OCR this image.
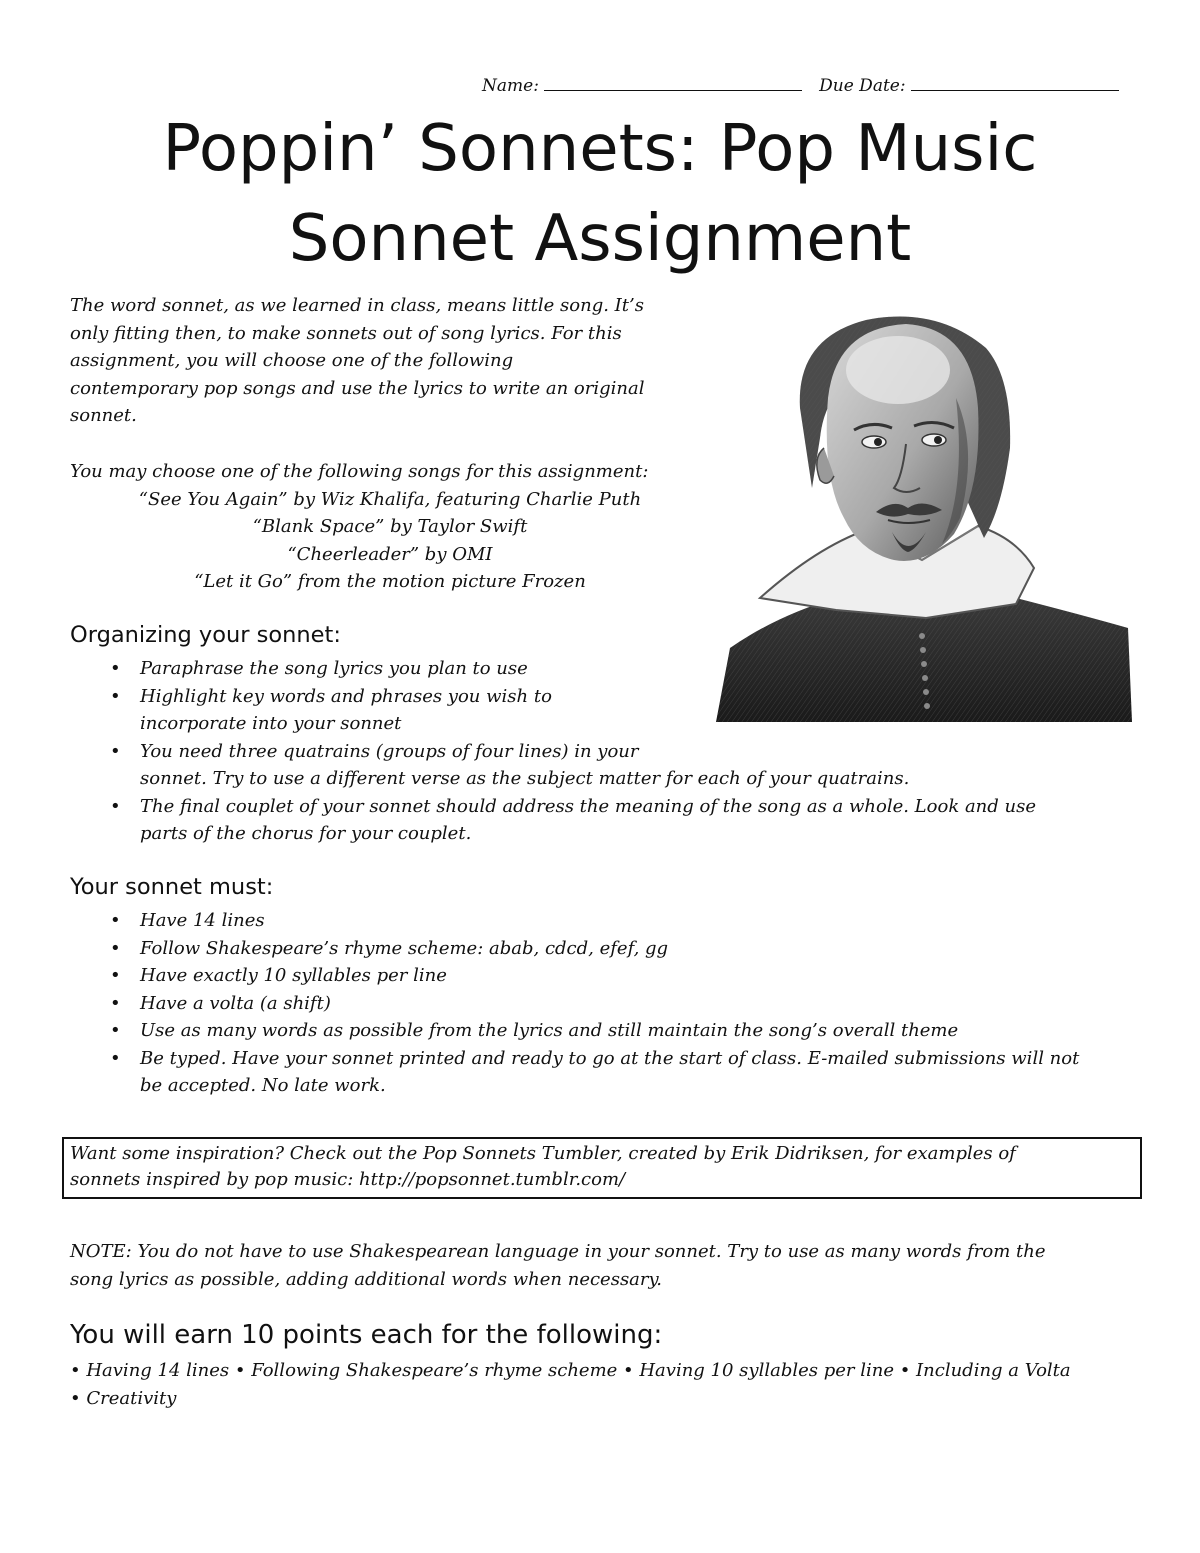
Name:	Due Date:
Poppin’ Sonnets: Pop Music
Sonnet Assignment

The word sonnet, as we learned in class, means little song. It’s
only fitting then, to make sonnets out of song lyrics. For this
assignment, you will choose one of the following
contemporary pop songs and use the lyrics to write an original
sonnet.

You may choose one of the following songs for this assignment:
“See You Again” by Wiz Khalifa, featuring Charlie Puth
“Blank Space” by Taylor Swift
“Cheerleader” by OMI
“Let it Go” from the motion picture Frozen
Organizing your sonnet:
• Paraphrase the song lyrics you plan to use
• Highlight key words and phrases you wish to
incorporate into your sonnet
• You need three quatrains (groups of four lines) in your
sonnet. Try to use a different verse as the subject matter for each of your quatrains.
• The final couplet of your sonnet should address the meaning of the song as a whole. Look and use
parts of the chorus for your couplet.
Your sonnet must:
• Have 14 lines
• Follow Shakespeare’s rhyme scheme: abab, cdcd, efef, gg
• Have exactly 10 syllables per line
• Have a volta (a shift)
• Use as many words as possible from the lyrics and still maintain the song’s overall theme
• Be typed. Have your sonnet printed and ready to go at the start of class. E-mailed submissions will not
be accepted. No late work.
Want some inspiration? Check out the Pop Sonnets Tumbler, created by Erik Didriksen, for examples of
sonnets inspired by pop music: http://popsonnet.tumblr.com/

NOTE: You do not have to use Shakespearean language in your sonnet. Try to use as many words from the
song lyrics as possible, adding additional words when necessary.

You will earn 10 points each for the following:

• Having 14 lines • Following Shakespeare’s rhyme scheme • Having 10 syllables per line • Including a Volta
• Creativity
